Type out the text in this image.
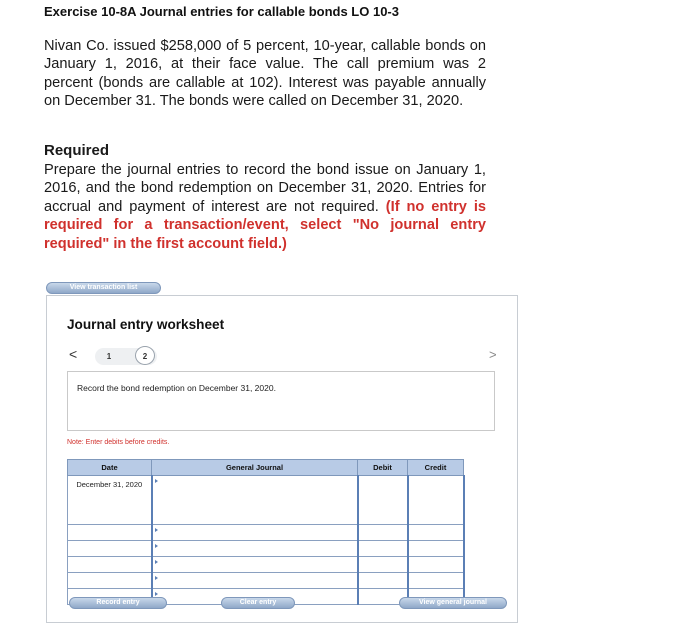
Exercise 10-8A Journal entries for callable bonds LO 10-3
Nivan Co. issued $258,000 of 5 percent, 10-year, callable bonds on January 1, 2016, at their face value. The call premium was 2 percent (bonds are callable at 102). Interest was payable annually on December 31. The bonds were called on December 31, 2020.
Required
Prepare the journal entries to record the bond issue on January 1, 2016, and the bond redemption on December 31, 2020. Entries for accrual and payment of interest are not required. (If no entry is required for a transaction/event, select "No journal entry required" in the first account field.)
View transaction list
Journal entry worksheet
<	1	2	>
Record the bond redemption on December 31, 2020.
Note: Enter debits before credits.
Date	General Journal	Debit	Credit
December 31, 2020	

Record entry	Clear entry	View general journal
